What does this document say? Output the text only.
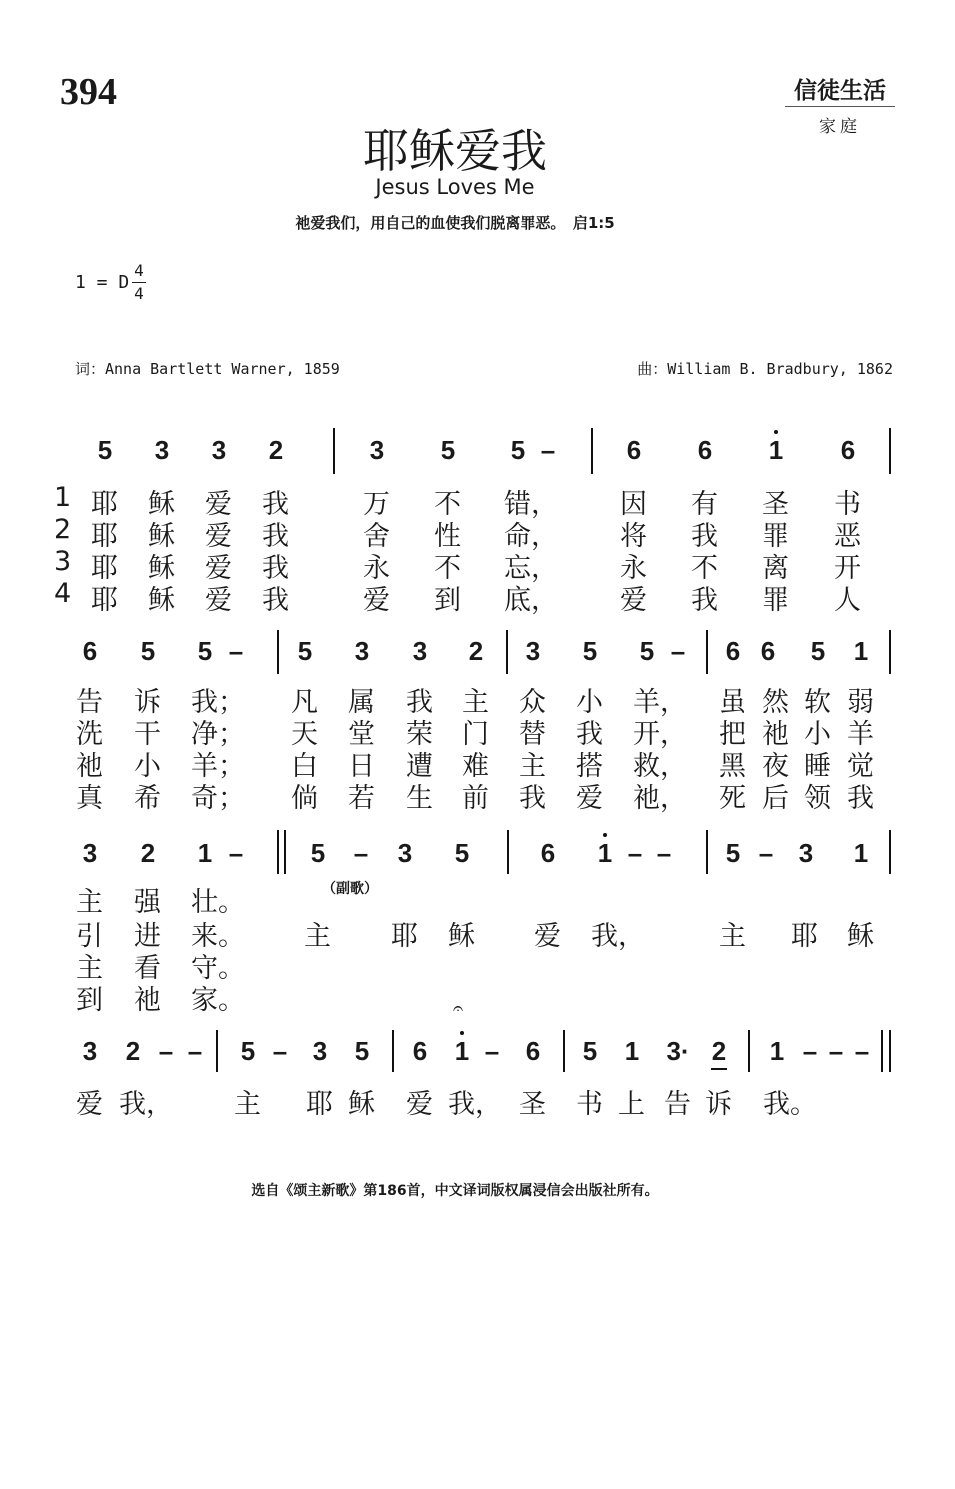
394	信徒生活
家庭
耶稣爱我
Jesus Loves Me
祂爱我们，用自己的血使我们脱离罪恶。　启1:5
1 = D $\frac{4}{4}$
词：Anna Bartlett Warner, 1859	曲：William B. Bradbury, 1862
5 3 3 2	3 5 5 –	6 6 1 6
1 耶 稣 爱 我	万 不 错， 因 有 圣 书
2 耶 稣 爱 我	舍 性 命， 将 我 罪 恶
3 耶 稣 爱 我	永 不 忘， 永 不 离 开
4 耶 稣 爱 我	爱 到 底， 爱 我 罪 人
6 5 5 – 5 3 3 2 3 5 5 – 6 6 5 1
告 诉 我； 凡 属 我 主 众 小 羊， 虽 然 软 弱
洗 干 净； 天 堂 荣 门 替 我 开， 把 祂 小 羊
祂 小 羊； 白 日 遭 难 主 搭 救， 黑 夜 睡 觉
真 希 奇； 倘 若 生 前 我 爱 祂， 死 后 领 我
3 2 1 –	5 – 3 5	6 1 – – 5 – 3 1
主 强 壮。
引 进 来。 主 耶 稣 爱 我，	主 耶 稣
主 看 守。
到 祂 家。
3 2 – – 5 – 3 5 6 1 – 6 5 1 3· 2 1 – – –
爱 我， 主 耶 稣 爱 我， 圣 书 上 告 诉 我。
（副歌）
𝄐
选自《颂主新歌》第186首，中文译词版权属浸信会出版社所有。
